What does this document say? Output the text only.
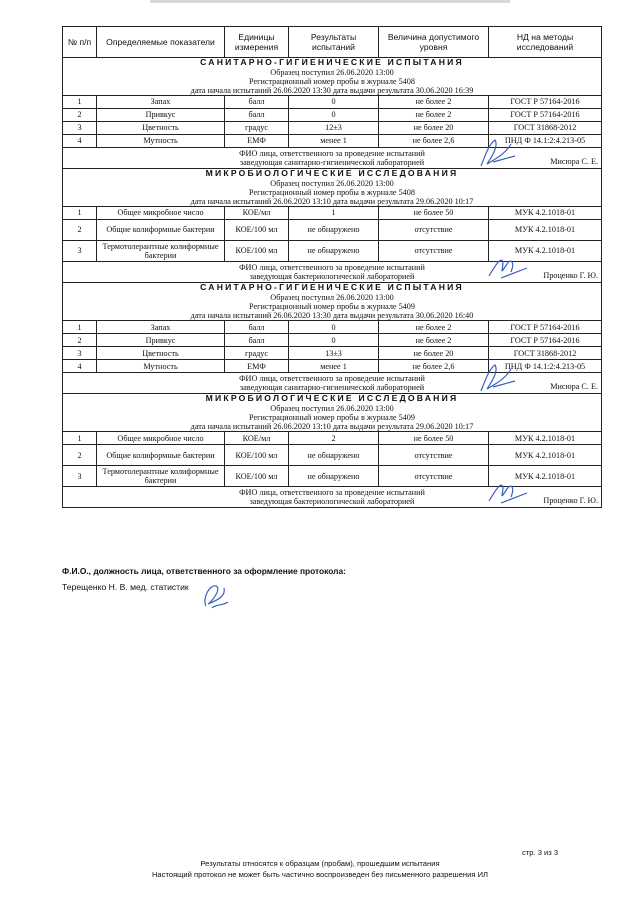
№ п/п	Определяемые показатели	Единицы измерения	Результаты испытаний	Величина допустимого уровня	НД на методы исследований

САНИТАРНО-ГИГИЕНИЧЕСКИЕ ИСПЫТАНИЯ
Образец поступил 26.06.2020 13:00
Регистрационный номер пробы в журнале 5408
дата начала испытаний 26.06.2020 13:30 дата выдачи результата 30.06.2020 16:39					

1	Запах	балл	0	не более 2	ГОСТ Р 57164-2016
2	Привкус	балл	0	не более 2	ГОСТ Р 57164-2016
3	Цветность	градус	12±3	не более 20	ГОСТ 31868-2012
4	Мутность	ЕМФ	менее 1	не более 2,6	ПНД Ф 14.1:2:4.213-05

ФИО лица, ответственного за проведение испытаний
заведующая санитарно-гигиенической лабораторией Мисюра С. Е.					

МИКРОБИОЛОГИЧЕСКИЕ ИССЛЕДОВАНИЯ
Образец поступил 26.06.2020 13:00
Регистрационный номер пробы в журнале 5408
дата начала испытаний 26.06.2020 13:10 дата выдачи результата 29.06.2020 10:17					

1	Общее микробное число	КОЕ/мл	1	не более 50	МУК 4.2.1018-01
2	Общие колиформные бактерии	КОЕ/100 мл	не обнаружено	отсутствие	МУК 4.2.1018-01
3	Термотолерантные колиформные бактерии	КОЕ/100 мл	не обнаружено	отсутствие	МУК 4.2.1018-01

ФИО лица, ответственного за проведение испытаний
заведующая бактериологической лабораторией Проценко Г. Ю.					

САНИТАРНО-ГИГИЕНИЧЕСКИЕ ИСПЫТАНИЯ
Образец поступил 26.06.2020 13:00
Регистрационный номер пробы в журнале 5409
дата начала испытаний 26.06.2020 13:30 дата выдачи результата 30.06.2020 16:40					

1	Запах	балл	0	не более 2	ГОСТ Р 57164-2016
2	Привкус	балл	0	не более 2	ГОСТ Р 57164-2016
3	Цветность	градус	13±3	не более 20	ГОСТ 31868-2012
4	Мутность	ЕМФ	менее 1	не более 2,6	ПНД Ф 14.1:2:4.213-05

ФИО лица, ответственного за проведение испытаний
заведующая санитарно-гигиенической лабораторией Мисюра С. Е.					

МИКРОБИОЛОГИЧЕСКИЕ ИССЛЕДОВАНИЯ
Образец поступил 26.06.2020 13:00
Регистрационный номер пробы в журнале 5409
дата начала испытаний 26.06.2020 13:10 дата выдачи результата 29.06.2020 10:17					

1	Общее микробное число	КОЕ/мл	2	не более 50	МУК 4.2.1018-01
2	Общие колиформные бактерии	КОЕ/100 мл	не обнаружено	отсутствие	МУК 4.2.1018-01
3	Термотолерантные колиформные бактерии	КОЕ/100 мл	не обнаружено	отсутствие	МУК 4.2.1018-01

ФИО лица, ответственного за проведение испытаний
заведующая бактериологической лабораторией Проценко Г. Ю.					
Ф.И.О., должность лица, ответственного за оформление протокола:
Терещенко Н. В. мед. статистик
стр. 3 из 3
Результаты относятся к образцам (пробам), прошедшим испытания
Настоящий протокол не может быть частично воспроизведен без письменного разрешения ИЛ
